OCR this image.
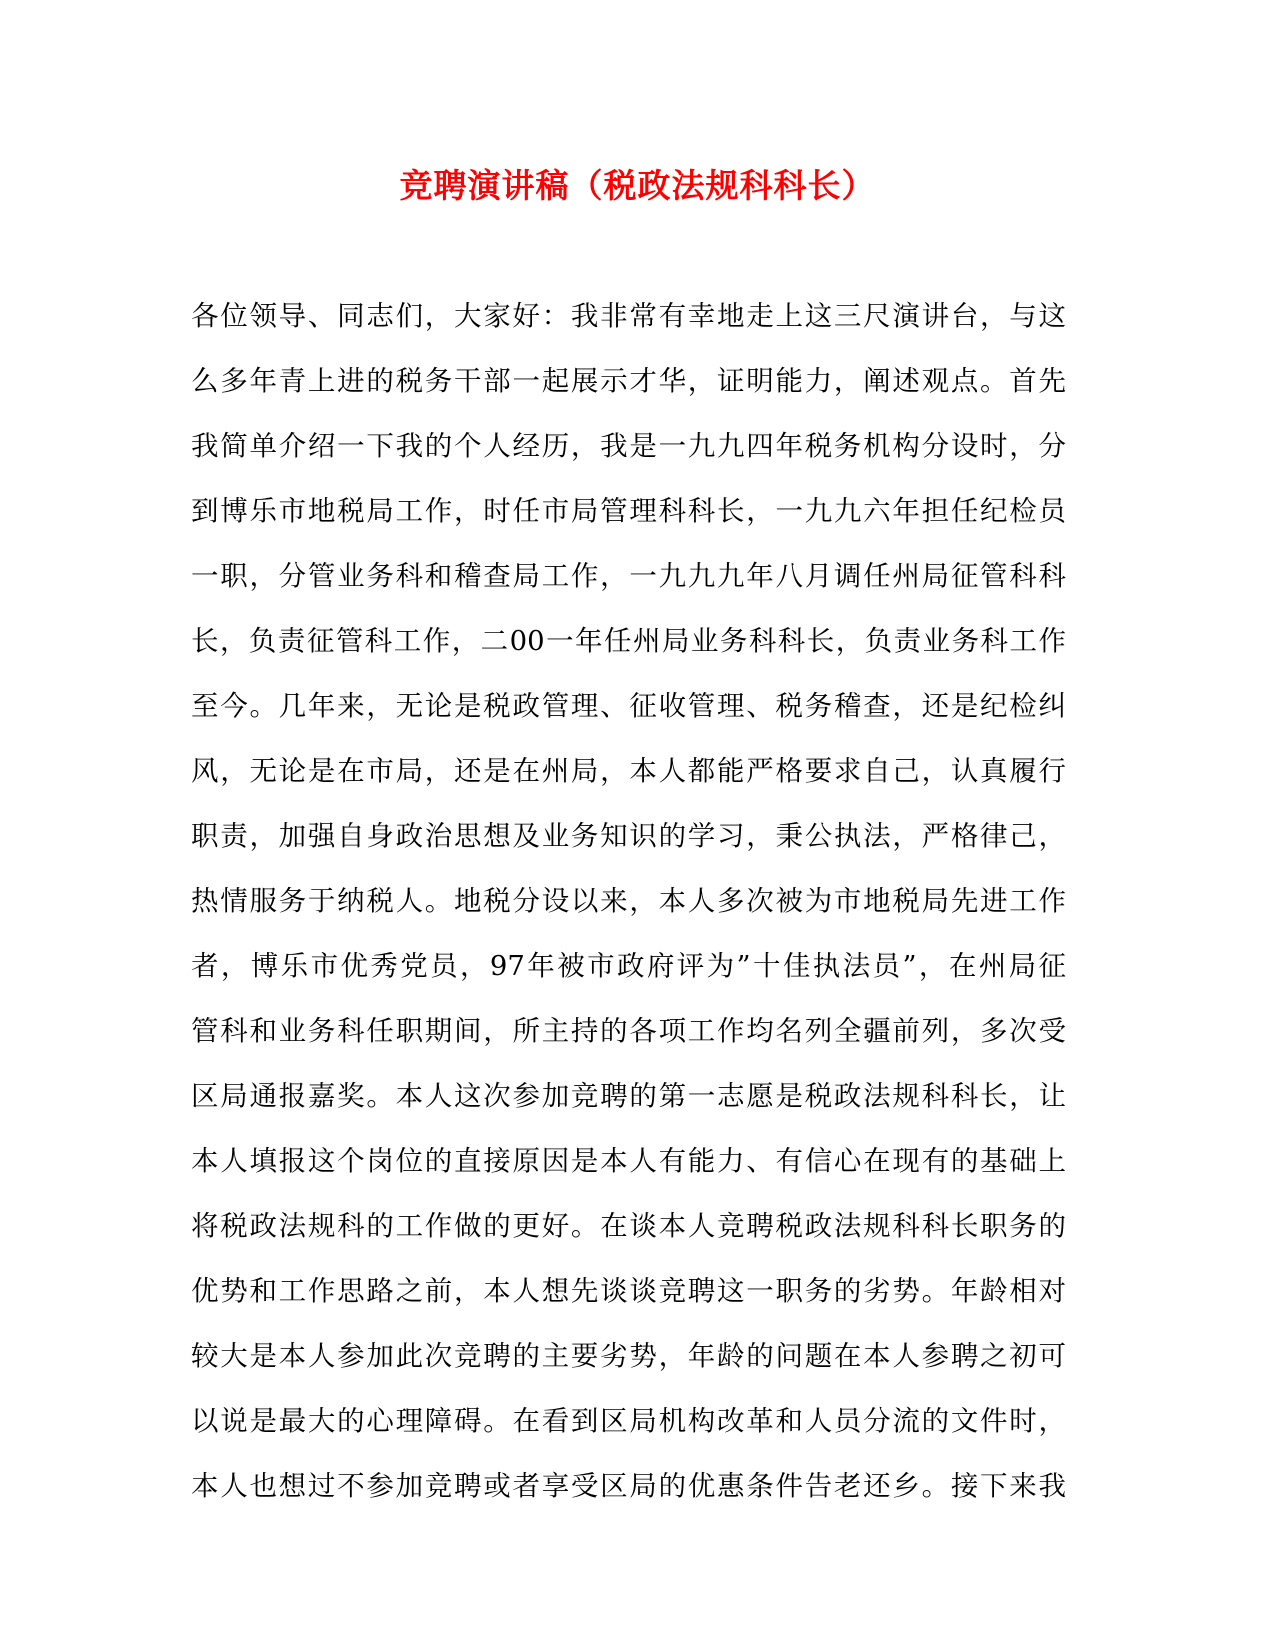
竞聘演讲稿（税政法规科科长）
各位领导、同志们，大家好：我非常有幸地走上这三尺演讲台，与这
么多年青上进的税务干部一起展示才华，证明能力，阐述观点。首先
我简单介绍一下我的个人经历，我是一九九四年税务机构分设时，分
到博乐市地税局工作，时任市局管理科科长，一九九六年担任纪检员
一职，分管业务科和稽查局工作，一九九九年八月调任州局征管科科
长，负责征管科工作，二00一年任州局业务科科长，负责业务科工作
至今。几年来，无论是税政管理、征收管理、税务稽查，还是纪检纠
风，无论是在市局，还是在州局，本人都能严格要求自己，认真履行
职责，加强自身政治思想及业务知识的学习，秉公执法，严格律己，
热情服务于纳税人。地税分设以来，本人多次被为市地税局先进工作
者，博乐市优秀党员，97年被市政府评为”十佳执法员”，在州局征
管科和业务科任职期间，所主持的各项工作均名列全疆前列，多次受
区局通报嘉奖。本人这次参加竞聘的第一志愿是税政法规科科长，让
本人填报这个岗位的直接原因是本人有能力、有信心在现有的基础上
将税政法规科的工作做的更好。在谈本人竞聘税政法规科科长职务的
优势和工作思路之前，本人想先谈谈竞聘这一职务的劣势。年龄相对
较大是本人参加此次竞聘的主要劣势，年龄的问题在本人参聘之初可
以说是最大的心理障碍。在看到区局机构改革和人员分流的文件时，
本人也想过不参加竞聘或者享受区局的优惠条件告老还乡。接下来我
